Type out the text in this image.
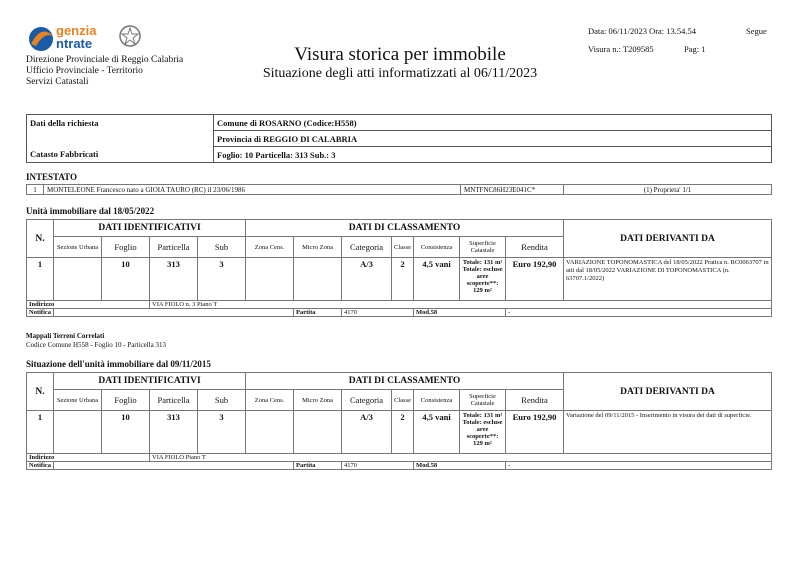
genzia
ntrate
Direzione Provinciale di Reggio Calabria
Ufficio Provinciale - Territorio
Servizi Catastali
Visura storica per immobile
Situazione degli atti informatizzati al 06/11/2023
Data: 06/11/2023 Ora: 13.54.54	Segue
Visura n.: T209585	Pag: 1
Dati della richiesta	Comune di ROSARNO (Codice:H558)
	Provincia di REGGIO DI CALABRIA
Catasto Fabbricati	Foglio: 10 Particella: 313 Sub.: 3
INTESTATO
1	MONTELEONE Francesco nato a GIOIA TAURO (RC) il 23/06/1986	MNTFNC86H23E041C*	(1) Proprieta' 1/1
Unità immobiliare dal 18/05/2022
N.	DATI IDENTIFICATIVI				DATI DI CLASSAMENTO							DATI DERIVANTI DA
	Sezione Urbana	Foglio	Particella	Sub	Zona Cens.	Micro Zona	Categoria	Classe	Consistenza	Superficie Catastale	Rendita	
1		10	313	3			A/3	2	4,5 vani	Totale: 131 m² Totale: escluse aree scoperte**: 129 m²	Euro 192,90	VARIAZIONE TOPONOMASTICA del 18/05/2022 Pratica n. RC0063707 in atti dal 18/05/2022 VARIAZIONE DI TOPONOMASTICA (n. 63707.1/2022)
Indirizzo			VIA FIOLO n. 3 Piano T									
Notifica						Partita	4170		Mod.58		-	
Mappali Terreni Correlati
Codice Comune H558 - Foglio 10 - Particella 313
Situazione dell'unità immobiliare dal 09/11/2015
N.	DATI IDENTIFICATIVI				DATI DI CLASSAMENTO							DATI DERIVANTI DA
	Sezione Urbana	Foglio	Particella	Sub	Zona Cens.	Micro Zona	Categoria	Classe	Consistenza	Superficie Catastale	Rendita	
1		10	313	3			A/3	2	4,5 vani	Totale: 131 m² Totale: escluse aree scoperte**: 129 m²	Euro 192,90	Variazione del 09/11/2015 - Inserimento in visura dei dati di superficie.
Indirizzo			VIA FIOLO Piano T									
Notifica						Partita	4170		Mod.58		-	
